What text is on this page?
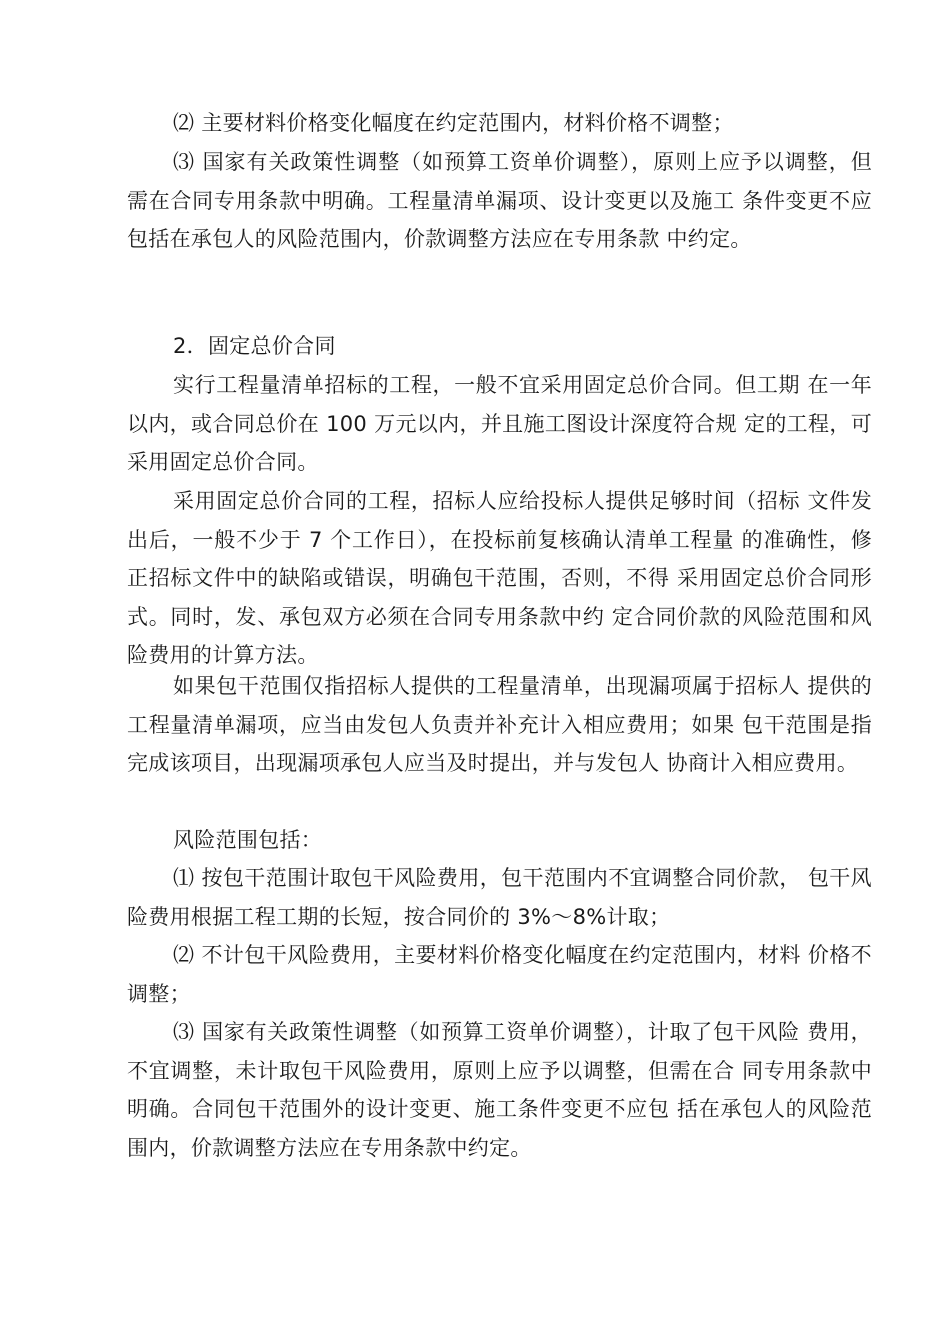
⑵ 主要材料价格变化幅度在约定范围内，材料价格不调整；

⑶ 国家有关政策性调整（如预算工资单价调整），原则上应予以调整，但需在合同专用条款中明确。工程量清单漏项、设计变更以及施工 条件变更不应包括在承包人的风险范围内，价款调整方法应在专用条款 中约定。

2．固定总价合同

实行工程量清单招标的工程，一般不宜采用固定总价合同。但工期 在一年以内，或合同总价在 100 万元以内，并且施工图设计深度符合规 定的工程，可采用固定总价合同。

采用固定总价合同的工程，招标人应给投标人提供足够时间（招标 文件发出后，一般不少于 7 个工作日），在投标前复核确认清单工程量 的准确性，修正招标文件中的缺陷或错误，明确包干范围，否则，不得 采用固定总价合同形式。同时，发、承包双方必须在合同专用条款中约 定合同价款的风险范围和风险费用的计算方法。

如果包干范围仅指招标人提供的工程量清单，出现漏项属于招标人 提供的工程量清单漏项，应当由发包人负责并补充计入相应费用；如果 包干范围是指完成该项目，出现漏项承包人应当及时提出，并与发包人 协商计入相应费用。

风险范围包括：

⑴ 按包干范围计取包干风险费用，包干范围内不宜调整合同价款， 包干风险费用根据工程工期的长短，按合同价的 3%～8%计取；

⑵ 不计包干风险费用，主要材料价格变化幅度在约定范围内，材料 价格不调整；

⑶ 国家有关政策性调整（如预算工资单价调整），计取了包干风险 费用，不宜调整，未计取包干风险费用，原则上应予以调整，但需在合 同专用条款中明确。合同包干范围外的设计变更、施工条件变更不应包 括在承包人的风险范围内，价款调整方法应在专用条款中约定。
